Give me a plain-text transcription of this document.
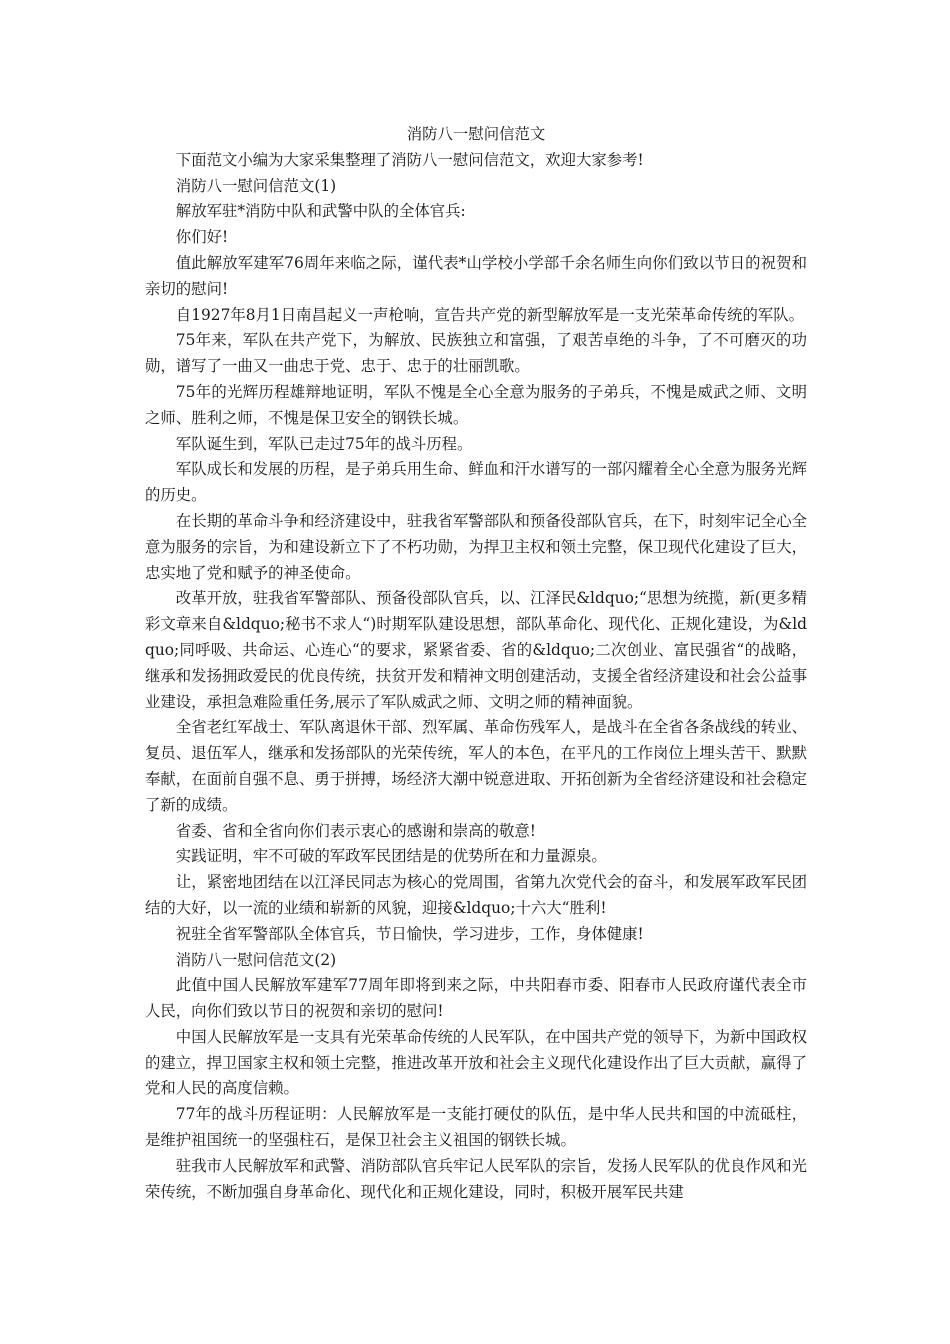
消防八一慰问信范文

下面范文小编为大家采集整理了消防八一慰问信范文，欢迎大家参考!

消防八一慰问信范文(1)

解放军驻*消防中队和武警中队的全体官兵:

你们好!

值此解放军建军76周年来临之际，谨代表*山学校小学部千余名师生向你们致以节日的祝贺和亲切的慰问!

自1927年8月1日南昌起义一声枪响，宣告共产党的新型解放军是一支光荣革命传统的军队。

75年来，军队在共产党下，为解放、民族独立和富强，了艰苦卓绝的斗争，了不可磨灭的功勋，谱写了一曲又一曲忠于党、忠于、忠于的壮丽凯歌。

75年的光辉历程雄辩地证明，军队不愧是全心全意为服务的子弟兵，不愧是威武之师、文明之师、胜利之师，不愧是保卫安全的钢铁长城。

军队诞生到，军队已走过75年的战斗历程。

军队成长和发展的历程，是子弟兵用生命、鲜血和汗水谱写的一部闪耀着全心全意为服务光辉的历史。

在长期的革命斗争和经济建设中，驻我省军警部队和预备役部队官兵，在下，时刻牢记全心全意为服务的宗旨，为和建设新立下了不朽功勋，为捍卫主权和领土完整，保卫现代化建设了巨大，忠实地了党和赋予的神圣使命。

改革开放，驻我省军警部队、预备役部队官兵，以、江泽民&ldquo;“思想为统揽，新(更多精彩文章来自&ldquo;秘书不求人“)时期军队建设思想，部队革命化、现代化、正规化建设，为&ldquo;同呼吸、共命运、心连心“的要求，紧紧省委、省的&ldquo;二次创业、富民强省“的战略，继承和发扬拥政爱民的优良传统，扶贫开发和精神文明创建活动，支援全省经济建设和社会公益事业建设，承担急难险重任务,展示了军队威武之师、文明之师的精神面貌。

全省老红军战士、军队离退休干部、烈军属、革命伤残军人，是战斗在全省各条战线的转业、复员、退伍军人，继承和发扬部队的光荣传统，军人的本色，在平凡的工作岗位上埋头苦干、默默奉献，在面前自强不息、勇于拼搏，场经济大潮中锐意进取、开拓创新为全省经济建设和社会稳定了新的成绩。

省委、省和全省向你们表示衷心的感谢和崇高的敬意!

实践证明，牢不可破的军政军民团结是的优势所在和力量源泉。

让，紧密地团结在以江泽民同志为核心的党周围，省第九次党代会的奋斗，和发展军政军民团结的大好，以一流的业绩和崭新的风貌，迎接&ldquo;十六大“胜利!

祝驻全省军警部队全体官兵，节日愉快，学习进步，工作，身体健康!

消防八一慰问信范文(2)

此值中国人民解放军建军77周年即将到来之际，中共阳春市委、阳春市人民政府谨代表全市人民，向你们致以节日的祝贺和亲切的慰问!

中国人民解放军是一支具有光荣革命传统的人民军队，在中国共产党的领导下，为新中国政权的建立，捍卫国家主权和领土完整，推进改革开放和社会主义现代化建设作出了巨大贡献，赢得了党和人民的高度信赖。

77年的战斗历程证明：人民解放军是一支能打硬仗的队伍，是中华人民共和国的中流砥柱，是维护祖国统一的坚强柱石，是保卫社会主义祖国的钢铁长城。

驻我市人民解放军和武警、消防部队官兵牢记人民军队的宗旨，发扬人民军队的优良作风和光荣传统，不断加强自身革命化、现代化和正规化建设，同时，积极开展军民共建
